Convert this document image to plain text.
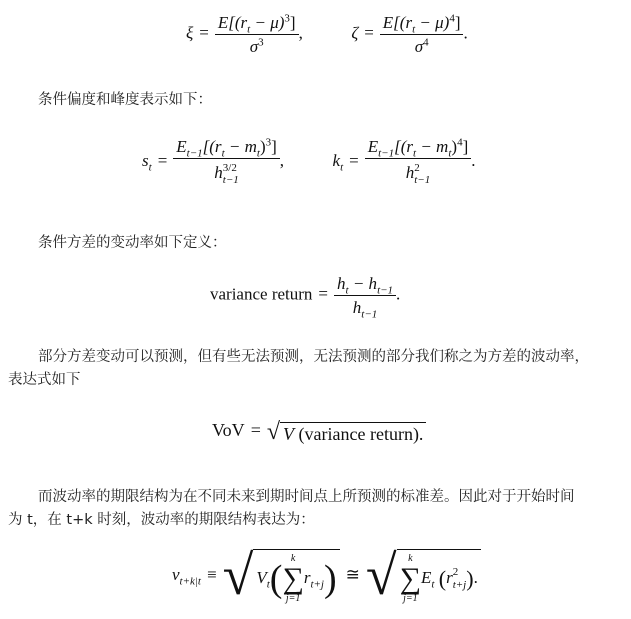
$\xi = \frac{E[(r_t - \mu)^3]}{\sigma^3}$ ,	$\zeta = \frac{E[(r_t - \mu)^4]}{\sigma^4}$ .
条件偏度和峰度表示如下：
$s_t = E_{t-1}[(r_t - m_t)^3]$
h 3/2
t−1 ,	$k_t = E_{t-1}[(r_t - m_t)^4]$
h 2
t−1 .
条件方差的变动率如下定义：
variance return = $\frac{h_t - h_{t-1}}{h_{t-1}}$ .
部分方差变动可以预测，但有些无法预测，无法预测的部分我们称之为方差的波动率，
表达式如下
VoV = √ V (variance return).
而波动率的期限结构为在不同未来到期时间点上所预测的标准差。因此对于开始时间
为 t，在 t+k 时刻，波动率的期限结构表达为：
$\nu_{t+k|t}$ ≡ √ $V_t$( k
∑
j=1
$r_{t+j}$) ≅ √	k
∑
j=1
$E_t$ (r 2
t+j ).
